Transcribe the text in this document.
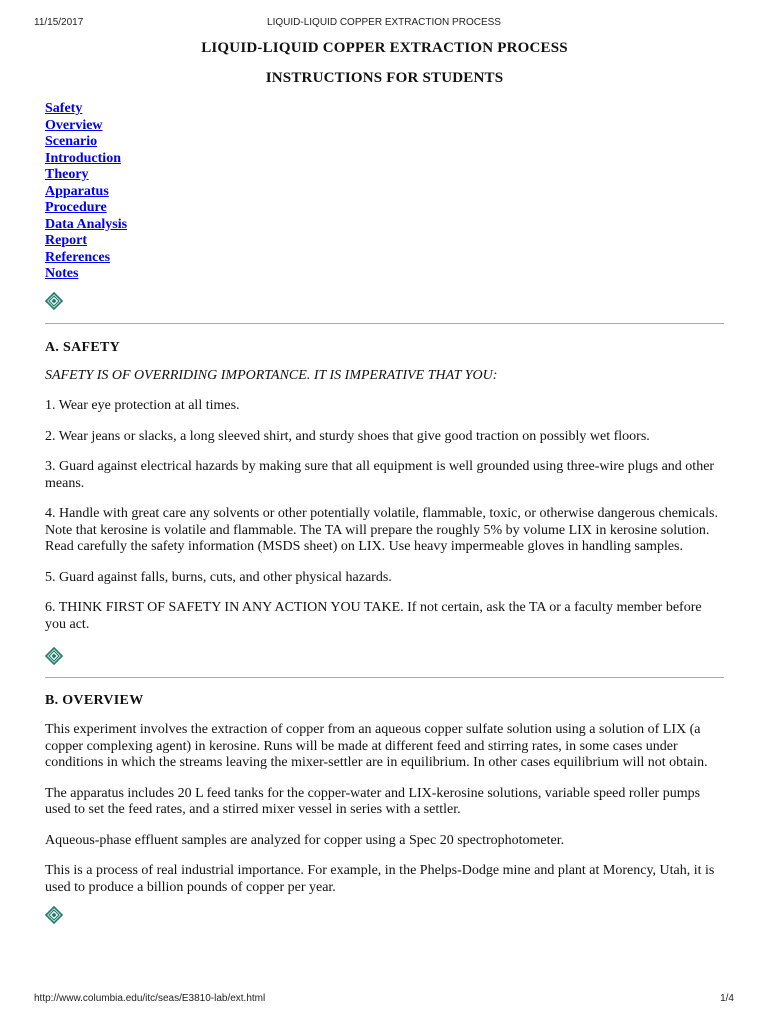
11/15/2017	LIQUID-LIQUID COPPER EXTRACTION PROCESS
LIQUID-LIQUID COPPER EXTRACTION PROCESS
INSTRUCTIONS FOR STUDENTS
Safety
Overview
Scenario
Introduction
Theory
Apparatus
Procedure
Data Analysis
Report
References
Notes
A. SAFETY

SAFETY IS OF OVERRIDING IMPORTANCE. IT IS IMPERATIVE THAT YOU:

1. Wear eye protection at all times.

2. Wear jeans or slacks, a long sleeved shirt, and sturdy shoes that give good traction on possibly wet floors.

3. Guard against electrical hazards by making sure that all equipment is well grounded using three-wire plugs and other means.

4. Handle with great care any solvents or other potentially volatile, flammable, toxic, or otherwise dangerous chemicals. Note that kerosine is volatile and flammable. The TA will prepare the roughly 5% by volume LIX in kerosine solution. Read carefully the safety information (MSDS sheet) on LIX. Use heavy impermeable gloves in handling samples.

5. Guard against falls, burns, cuts, and other physical hazards.

6. THINK FIRST OF SAFETY IN ANY ACTION YOU TAKE. If not certain, ask the TA or a faculty member before you act.

B. OVERVIEW

This experiment involves the extraction of copper from an aqueous copper sulfate solution using a solution of LIX (a copper complexing agent) in kerosine. Runs will be made at different feed and stirring rates, in some cases under conditions in which the streams leaving the mixer-settler are in equilibrium. In other cases equilibrium will not obtain.

The apparatus includes 20 L feed tanks for the copper-water and LIX-kerosine solutions, variable speed roller pumps used to set the feed rates, and a stirred mixer vessel in series with a settler.

Aqueous-phase effluent samples are analyzed for copper using a Spec 20 spectrophotometer.

This is a process of real industrial importance. For example, in the Phelps-Dodge mine and plant at Morency, Utah, it is used to produce a billion pounds of copper per year.

http://www.columbia.edu/itc/seas/E3810-lab/ext.html	1/4
